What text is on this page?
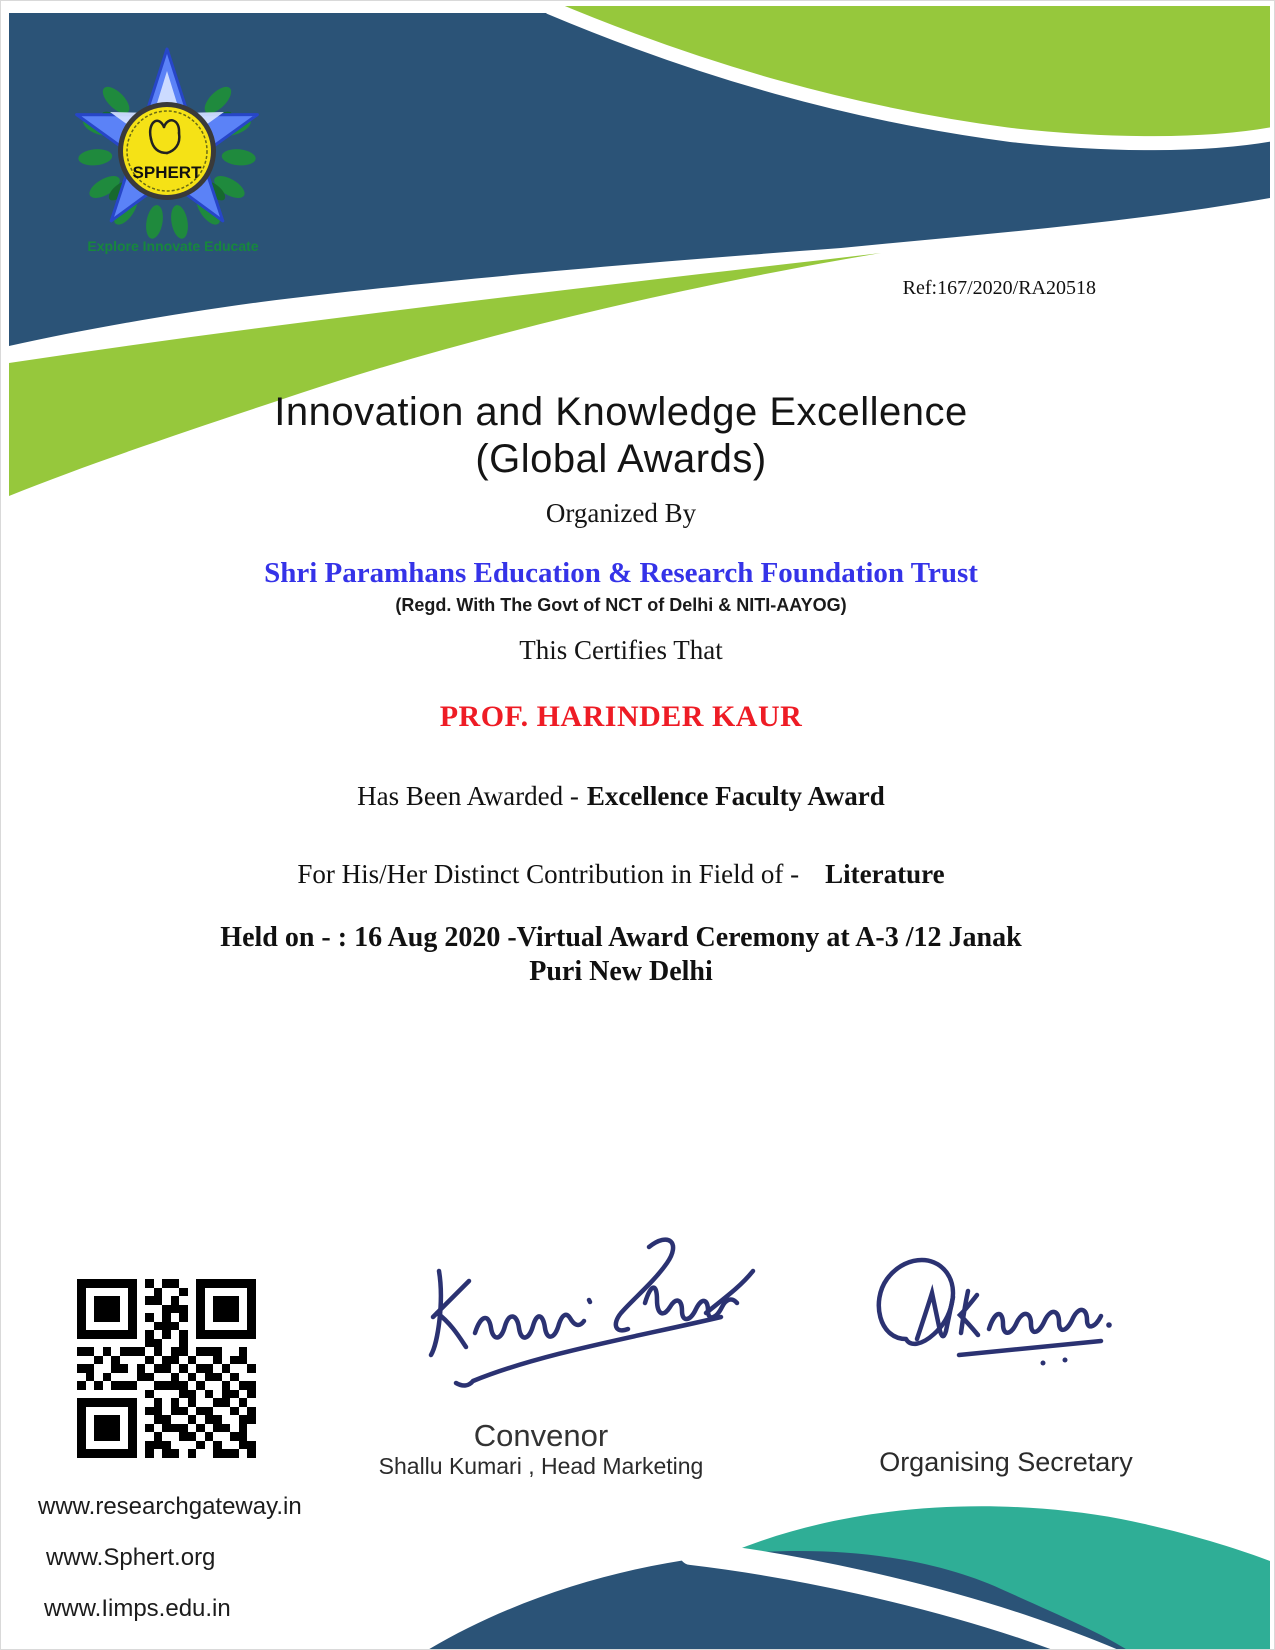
SPHERT
Explore Innovate Educate
Ref:167/2020/RA20518
Innovation and Knowledge Excellence
(Global Awards)
Organized By
Shri Paramhans Education & Research Foundation Trust
(Regd. With The Govt of NCT of Delhi & NITI-AAYOG)
This Certifies That
PROF. HARINDER KAUR
Has Been Awarded - Excellence Faculty Award
For His/Her Distinct Contribution in Field of - Literature
Held on - : 16 Aug 2020 -Virtual Award Ceremony at A-3 /12 Janak
Puri New Delhi
Convenor
Shallu Kumari , Head Marketing	Organising Secretary
www.researchgateway.in
www.Sphert.org
www.Iimps.edu.in
